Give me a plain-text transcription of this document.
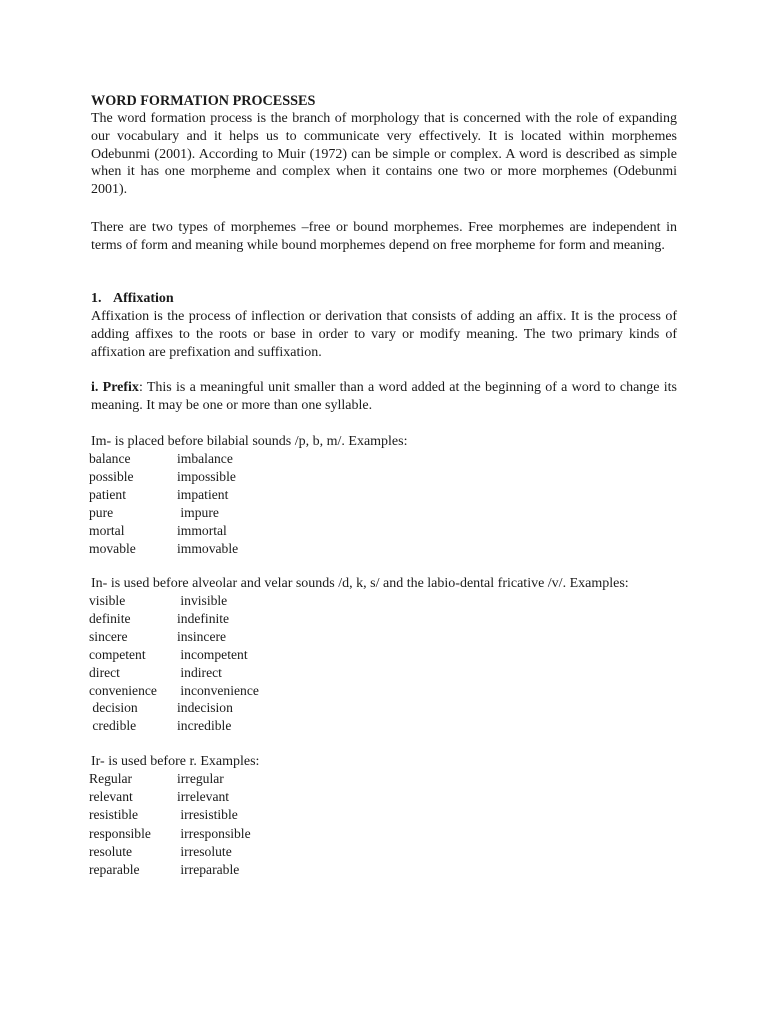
WORD FORMATION PROCESSES
The word formation process is the branch of morphology that is concerned with the role of expanding our vocabulary and it helps us to communicate very effectively. It is located within morphemes Odebunmi (2001). According to Muir (1972) can be simple or complex. A word is described as simple when it has one morpheme and complex when it contains one two or more morphemes (Odebunmi 2001).
There are two types of morphemes –free or bound morphemes. Free morphemes are independent in terms of form and meaning while bound morphemes depend on free morpheme for form and meaning.
1. Affixation
Affixation is the process of inflection or derivation that consists of adding an affix. It is the process of adding affixes to the roots or base in order to vary or modify meaning. The two primary kinds of affixation are prefixation and suffixation.
i. Prefix: This is a meaningful unit smaller than a word added at the beginning of a word to change its meaning. It may be one or more than one syllable.
Im- is placed before bilabial sounds /p, b, m/. Examples:
balance	imbalance
possible	impossible
patient	impatient
pure	impure
mortal	immortal
movable	immovable
In- is used before alveolar and velar sounds /d, k, s/ and the labio-dental fricative /v/. Examples:
visible	invisible
definite	indefinite
sincere	insincere
competent incompetent
direct	indirect
convenience inconvenience
decision	indecision
credible	incredible
Ir- is used before r. Examples:
Regular	irregular
relevant	irrelevant
resistible	irresistible
responsible irresponsible
resolute	irresolute
reparable	irreparable
